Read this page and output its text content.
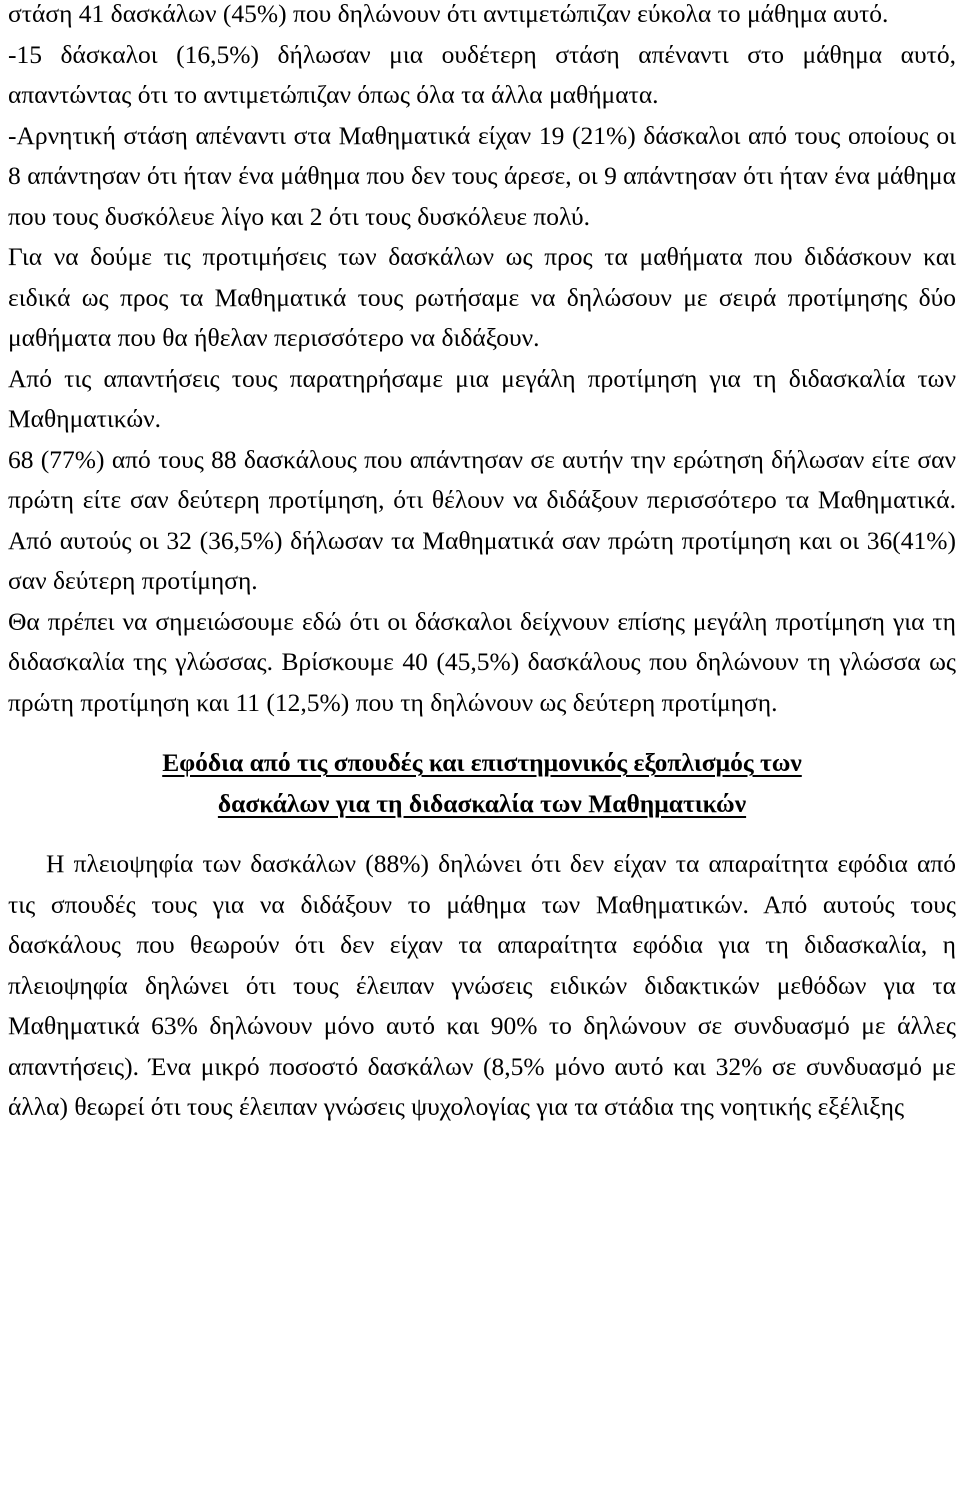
στάση 41 δασκάλων (45%) που δηλώνουν ότι αντιμετώπιζαν εύκολα το μάθημα αυτό.

-15 δάσκαλοι (16,5%) δήλωσαν μια ουδέτερη στάση απέναντι στο μάθημα αυτό, απαντώντας ότι το αντιμετώπιζαν όπως όλα τα άλλα μαθήματα.

-Αρνητική στάση απέναντι στα Μαθηματικά είχαν 19 (21%) δάσκαλοι από τους οποίους οι 8 απάντησαν ότι ήταν ένα μάθημα που δεν τους άρεσε, οι 9 απάντησαν ότι ήταν ένα μάθημα που τους δυσκόλευε λίγο και 2 ότι τους δυσκόλευε πολύ.

Για να δούμε τις προτιμήσεις των δασκάλων ως προς τα μαθήματα που διδάσκουν και ειδικά ως προς τα Μαθηματικά τους ρωτήσαμε να δηλώσουν με σειρά προτίμησης δύο μαθήματα που θα ήθελαν περισσότερο να διδάξουν.

Από τις απαντήσεις τους παρατηρήσαμε μια μεγάλη προτίμηση για τη διδασκαλία των Μαθηματικών.

68 (77%) από τους 88 δασκάλους που απάντησαν σε αυτήν την ερώτηση δήλωσαν είτε σαν πρώτη είτε σαν δεύτερη προτίμηση, ότι θέλουν να διδάξουν περισσότερο τα Μαθηματικά. Από αυτούς οι 32 (36,5%) δήλωσαν τα Μαθηματικά σαν πρώτη προτίμηση και οι 36(41%) σαν δεύτερη προτίμηση.

Θα πρέπει να σημειώσουμε εδώ ότι οι δάσκαλοι δείχνουν επίσης μεγάλη προτίμηση για τη διδασκαλία της γλώσσας. Βρίσκουμε 40 (45,5%) δασκάλους που δηλώνουν τη γλώσσα ως πρώτη προτίμηση και 11 (12,5%) που τη δηλώνουν ως δεύτερη προτίμηση.

Εφόδια από τις σπουδές και επιστημονικός εξοπλισμός των
δασκάλων για τη διδασκαλία των Μαθηματικών

Η πλειοψηφία των δασκάλων (88%) δηλώνει ότι δεν είχαν τα απαραίτητα εφόδια από τις σπουδές τους για να διδάξουν το μάθημα των Μαθηματικών. Από αυτούς τους δασκάλους που θεωρούν ότι δεν είχαν τα απαραίτητα εφόδια για τη διδασκαλία, η πλειοψηφία δηλώνει ότι τους έλειπαν γνώσεις ειδικών διδακτικών μεθόδων για τα Μαθηματικά 63% δηλώνουν μόνο αυτό και 90% το δηλώνουν σε συνδυασμό με άλλες απαντήσεις). Ένα μικρό ποσοστό δασκάλων (8,5% μόνο αυτό και 32% σε συνδυασμό με άλλα) θεωρεί ότι τους έλειπαν γνώσεις ψυχολογίας για τα στάδια της νοητικής εξέλιξης
